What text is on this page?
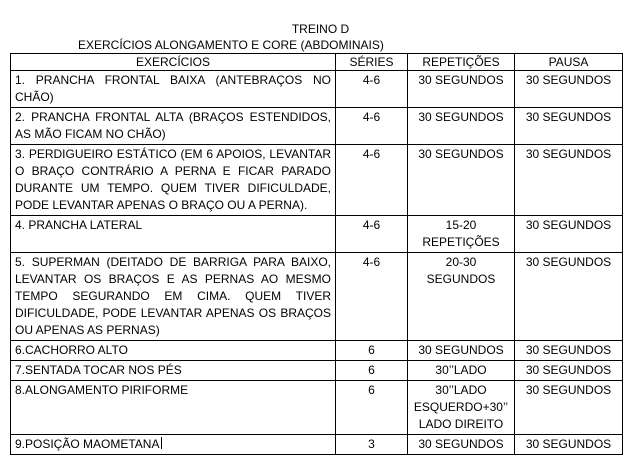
TREINO D
EXERCÍCIOS ALONGAMENTO E CORE (ABDOMINAIS)
EXERCÍCIOS	SÉRIES	REPETIÇÕES	PAUSA
1. PRANCHA FRONTAL BAIXA (ANTEBRAÇOS NO CHÃO)	4-6	30 SEGUNDOS	30 SEGUNDOS
2. PRANCHA FRONTAL ALTA (BRAÇOS ESTENDIDOS, AS MÃO FICAM NO CHÃO)	4-6	30 SEGUNDOS	30 SEGUNDOS
3. PERDIGUEIRO ESTÁTICO (EM 6 APOIOS, LEVANTAR O BRAÇO CONTRÁRIO A PERNA E FICAR PARADO DURANTE UM TEMPO. QUEM TIVER DIFICULDADE, PODE LEVANTAR APENAS O BRAÇO OU A PERNA).	4-6	30 SEGUNDOS	30 SEGUNDOS
4. PRANCHA LATERAL	4-6	15-20 REPETIÇÕES	30 SEGUNDOS
5. SUPERMAN (DEITADO DE BARRIGA PARA BAIXO, LEVANTAR OS BRAÇOS E AS PERNAS AO MESMO TEMPO SEGURANDO EM CIMA. QUEM TIVER DIFICULDADE, PODE LEVANTAR APENAS OS BRAÇOS OU APENAS AS PERNAS)	4-6	20-30 SEGUNDOS	30 SEGUNDOS
6.CACHORRO ALTO	6	30 SEGUNDOS	30 SEGUNDOS
7.SENTADA TOCAR NOS PÉS	6	30’’LADO	30 SEGUNDOS
8.ALONGAMENTO PIRIFORME	6	30’’LADO ESQUERDO+30’’ LADO DIREITO	30 SEGUNDOS
9.POSIÇÃO MAOMETANA	3	30 SEGUNDOS	30 SEGUNDOS
